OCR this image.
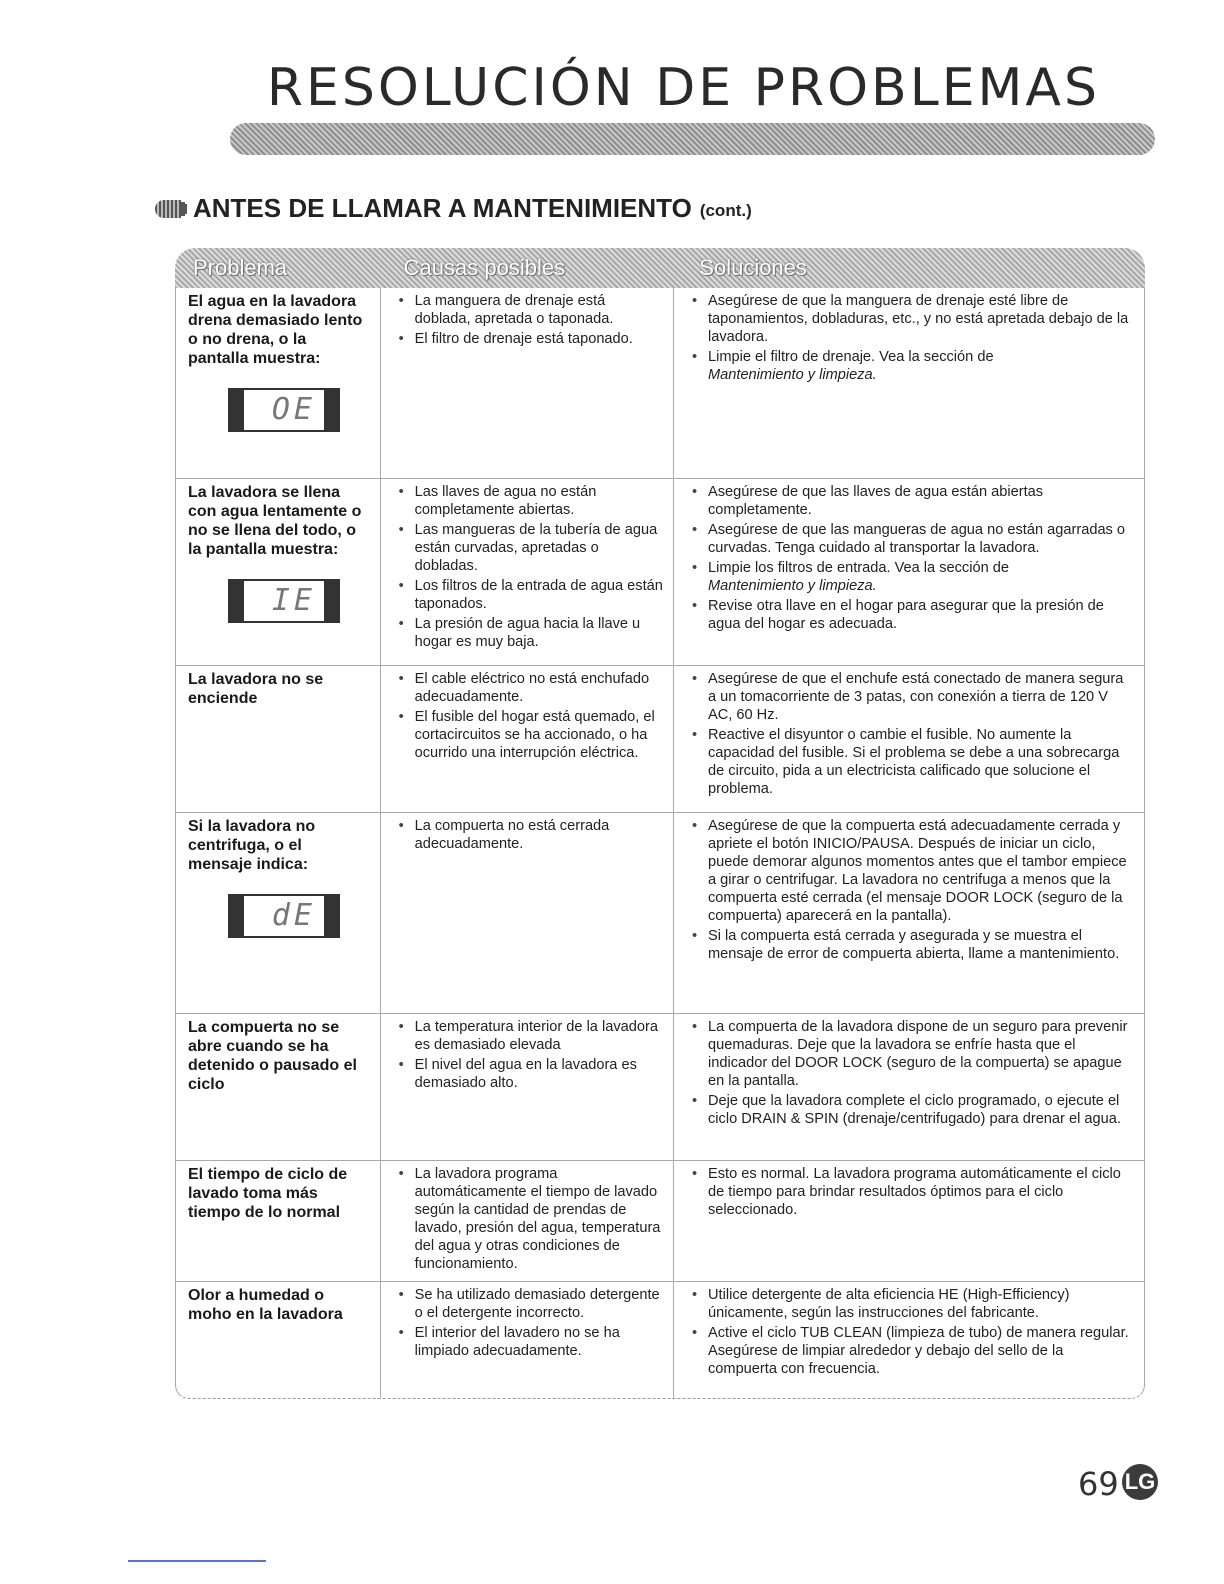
RESOLUCIÓN DE PROBLEMAS
ANTES DE LLAMAR A MANTENIMIENTO (cont.)
Problema	Causas posibles	Soluciones
El agua en la lavadora drena demasiado lento o no drena, o la pantalla muestra:
OE
• La manguera de drenaje está doblada, apretada o taponada.
• El filtro de drenaje está taponado.
• Asegúrese de que la manguera de drenaje esté libre de taponamientos, dobladuras, etc., y no está apretada debajo de la lavadora.
• Limpie el filtro de drenaje. Vea la sección de
Mantenimiento y limpieza.
La lavadora se llena con agua lentamente o no se llena del todo, o la pantalla muestra:
IE
• Las llaves de agua no están completamente abiertas.
• Las mangueras de la tubería de agua están curvadas, apretadas o dobladas.
• Los filtros de la entrada de agua están taponados.
• La presión de agua hacia la llave u hogar es muy baja.
• Asegúrese de que las llaves de agua están abiertas completamente.
• Asegúrese de que las mangueras de agua no están agarradas o curvadas. Tenga cuidado al transportar la lavadora.
• Limpie los filtros de entrada. Vea la sección de
Mantenimiento y limpieza.
• Revise otra llave en el hogar para asegurar que la presión de agua del hogar es adecuada.
La lavadora no se enciende
• El cable eléctrico no está enchufado adecuadamente.
• El fusible del hogar está quemado, el cortacircuitos se ha accionado, o ha ocurrido una interrupción eléctrica.
• Asegúrese de que el enchufe está conectado de manera segura a un tomacorriente de 3 patas, con conexión a tierra de 120 V AC, 60 Hz.
• Reactive el disyuntor o cambie el fusible. No aumente la capacidad del fusible. Si el problema se debe a una sobrecarga de circuito, pida a un electricista calificado que solucione el problema.
Si la lavadora no centrifuga, o el mensaje indica:
dE
• La compuerta no está cerrada adecuadamente.
• Asegúrese de que la compuerta está adecuadamente cerrada y apriete el botón INICIO/PAUSA. Después de iniciar un ciclo, puede demorar algunos momentos antes que el tambor empiece a girar o centrifugar. La lavadora no centrifuga a menos que la compuerta esté cerrada (el mensaje DOOR LOCK (seguro de la compuerta) aparecerá en la pantalla).
• Si la compuerta está cerrada y asegurada y se muestra el mensaje de error de compuerta abierta, llame a mantenimiento.
La compuerta no se abre cuando se ha detenido o pausado el ciclo
• La temperatura interior de la lavadora es demasiado elevada
• El nivel del agua en la lavadora es demasiado alto.
• La compuerta de la lavadora dispone de un seguro para prevenir quemaduras. Deje que la lavadora se enfríe hasta que el indicador del DOOR LOCK (seguro de la compuerta) se apague en la pantalla.
• Deje que la lavadora complete el ciclo programado, o ejecute el ciclo DRAIN & SPIN (drenaje/centrifugado) para drenar el agua.
El tiempo de ciclo de lavado toma más tiempo de lo normal
• La lavadora programa automáticamente el tiempo de lavado según la cantidad de prendas de lavado, presión del agua, temperatura del agua y otras condiciones de funcionamiento.
• Esto es normal. La lavadora programa automáticamente el ciclo de tiempo para brindar resultados óptimos para el ciclo seleccionado.
Olor a humedad o moho en la lavadora
• Se ha utilizado demasiado detergente o el detergente incorrecto.
• El interior del lavadero no se ha limpiado adecuadamente.
• Utilice detergente de alta eficiencia HE (High-Efficiency) únicamente, según las instrucciones del fabricante.
• Active el ciclo TUB CLEAN (limpieza de tubo) de manera regular. Asegúrese de limpiar alrededor y debajo del sello de la compuerta con frecuencia.
69 LG
